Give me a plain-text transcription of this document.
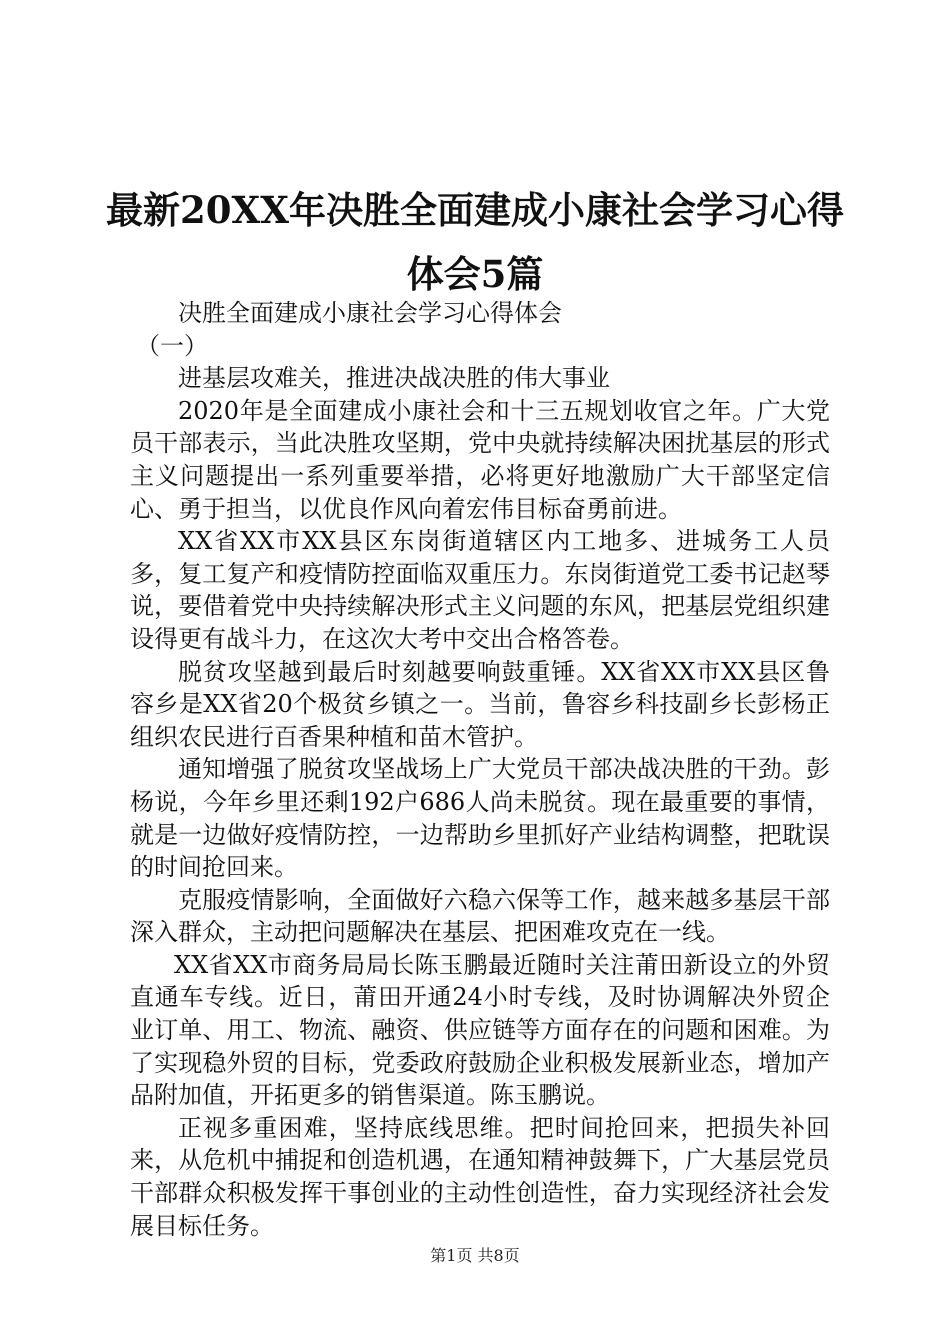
最新20XX年决胜全面建成小康社会学习心得体会5篇

决胜全面建成小康社会学习心得体会

（一）

进基层攻难关，推进决战决胜的伟大事业

2020年是全面建成小康社会和十三五规划收官之年。广大党员干部表示，当此决胜攻坚期，党中央就持续解决困扰基层的形式主义问题提出一系列重要举措，必将更好地激励广大干部坚定信心、勇于担当，以优良作风向着宏伟目标奋勇前进。

XX省XX市XX县区东岗街道辖区内工地多、进城务工人员多，复工复产和疫情防控面临双重压力。东岗街道党工委书记赵琴说，要借着党中央持续解决形式主义问题的东风，把基层党组织建设得更有战斗力，在这次大考中交出合格答卷。

脱贫攻坚越到最后时刻越要响鼓重锤。XX省XX市XX县区鲁容乡是XX省20个极贫乡镇之一。当前，鲁容乡科技副乡长彭杨正组织农民进行百香果种植和苗木管护。

通知增强了脱贫攻坚战场上广大党员干部决战决胜的干劲。彭杨说，今年乡里还剩192户686人尚未脱贫。现在最重要的事情，就是一边做好疫情防控，一边帮助乡里抓好产业结构调整，把耽误的时间抢回来。

克服疫情影响，全面做好六稳六保等工作，越来越多基层干部深入群众，主动把问题解决在基层、把困难攻克在一线。

XX省XX市商务局局长陈玉鹏最近随时关注莆田新设立的外贸直通车专线。近日，莆田开通24小时专线，及时协调解决外贸企业订单、用工、物流、融资、供应链等方面存在的问题和困难。为了实现稳外贸的目标，党委政府鼓励企业积极发展新业态，增加产品附加值，开拓更多的销售渠道。陈玉鹏说。

正视多重困难，坚持底线思维。把时间抢回来，把损失补回来，从危机中捕捉和创造机遇，在通知精神鼓舞下，广大基层党员干部群众积极发挥干事创业的主动性创造性，奋力实现经济社会发展目标任务。

第1页 共8页
